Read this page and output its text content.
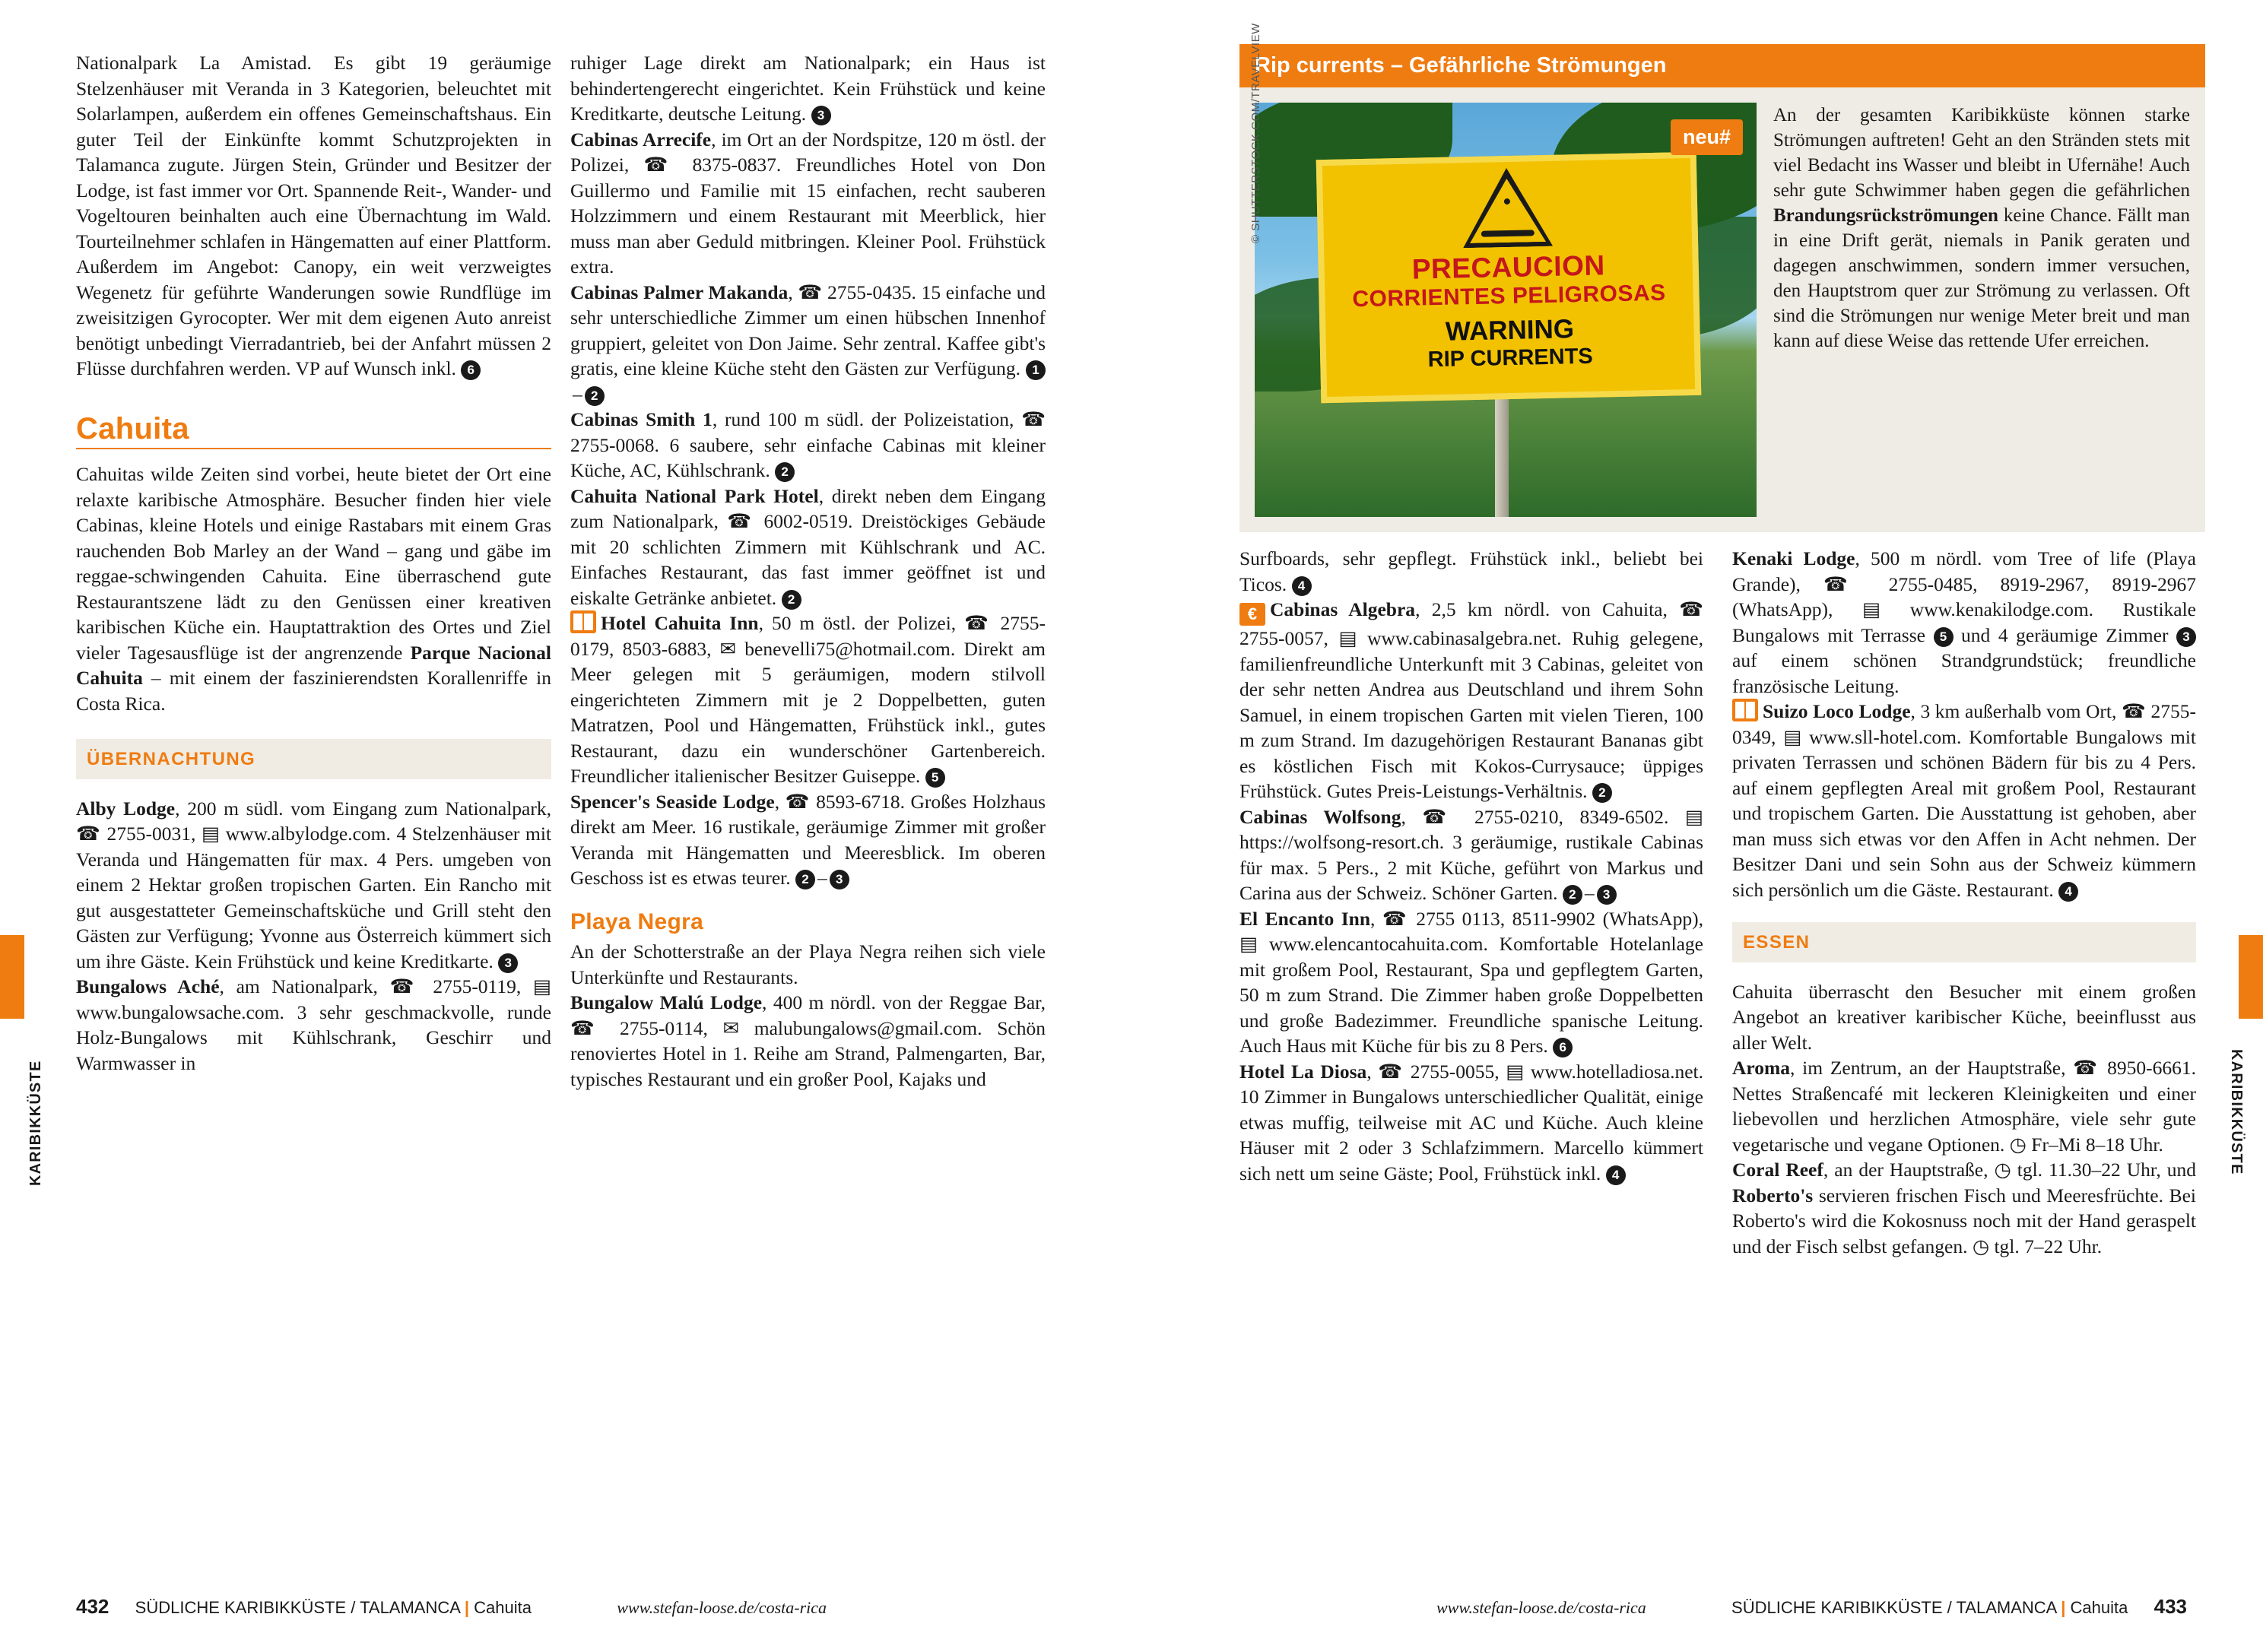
KARIBIKKÜSTE	KARIBIKKÜSTE

Nationalpark La Amistad. Es gibt 19 geräumige Stelzenhäuser mit Veranda in 3 Kategorien, beleuchtet mit Solarlampen, außerdem ein offenes Gemeinschaftshaus. Ein guter Teil der Einkünfte kommt Schutzprojekten in Talamanca zugute. Jürgen Stein, Gründer und Besitzer der Lodge, ist fast immer vor Ort. Spannende Reit-, Wander- und Vogeltouren beinhalten auch eine Übernachtung im Wald. Tourteilnehmer schlafen in Hängematten auf einer Plattform. Außerdem im Angebot: Canopy, ein weit verzweigtes Wegenetz für geführte Wanderungen sowie Rundflüge im zweisitzigen Gyrocopter. Wer mit dem eigenen Auto anreist benötigt unbedingt Vierradantrieb, bei der Anfahrt müssen 2 Flüsse durchfahren werden. VP auf Wunsch inkl. 6

Cahuita

Cahuitas wilde Zeiten sind vorbei, heute bietet der Ort eine relaxte karibische Atmosphäre. Besucher finden hier viele Cabinas, kleine Hotels und einige Rastabars mit einem Gras rauchenden Bob Marley an der Wand – gang und gäbe im reggae-schwingenden Cahuita. Eine überraschend gute Restaurantszene lädt zu den Genüssen einer kreativen karibischen Küche ein. Hauptattraktion des Ortes und Ziel vieler Tagesausflüge ist der angrenzende Parque Nacional Cahuita – mit einem der faszinierendsten Korallenriffe in Costa Rica.

ÜBERNACHTUNG

Alby Lodge, 200 m südl. vom Eingang zum Nationalpark, ☎ 2755-0031, ▤ www.albylodge.com. 4 Stelzenhäuser mit Veranda und Hängematten für max. 4 Pers. umgeben von einem 2 Hektar großen tropischen Garten. Ein Rancho mit gut ausgestatteter Gemeinschaftsküche und Grill steht den Gästen zur Verfügung; Yvonne aus Österreich kümmert sich um ihre Gäste. Kein Frühstück und keine Kreditkarte. 3

Bungalows Aché, am Nationalpark, ☎ 2755-0119, ▤ www.bungalowsache.com. 3 sehr geschmackvolle, runde Holz-Bungalows mit Kühlschrank, Geschirr und Warmwasser in

ruhiger Lage direkt am Nationalpark; ein Haus ist behindertengerecht eingerichtet. Kein Frühstück und keine Kreditkarte, deutsche Leitung. 3

Cabinas Arrecife, im Ort an der Nordspitze, 120 m östl. der Polizei, ☎ 8375-0837. Freundliches Hotel von Don Guillermo und Familie mit 15 einfachen, recht sauberen Holzzimmern und einem Restaurant mit Meerblick, hier muss man aber Geduld mitbringen. Kleiner Pool. Frühstück extra.

Cabinas Palmer Makanda, ☎ 2755-0435. 15 einfache und sehr unterschiedliche Zimmer um einen hübschen Innenhof gruppiert, geleitet von Don Jaime. Sehr zentral. Kaffee gibt's gratis, eine kleine Küche steht den Gästen zur Verfügung. 1– 2

Cabinas Smith 1, rund 100 m südl. der Polizeistation, ☎ 2755-0068. 6 saubere, sehr einfache Cabinas mit kleiner Küche, AC, Kühlschrank. 2

Cahuita National Park Hotel, direkt neben dem Eingang zum Nationalpark, ☎ 6002-0519. Dreistöckiges Gebäude mit 20 schlichten Zimmern mit Kühlschrank und AC. Einfaches Restaurant, das fast immer geöffnet ist und eiskalte Getränke anbietet. 2

Hotel Cahuita Inn, 50 m östl. der Polizei, ☎ 2755-0179, 8503-6883, ✉ benevelli75@hotmail.com. Direkt am Meer gelegen mit 5 geräumigen, modern stilvoll eingerichteten Zimmern mit je 2 Doppelbetten, guten Matratzen, Pool und Hängematten, Frühstück inkl., gutes Restaurant, dazu ein wunderschöner Gartenbereich. Freundlicher italienischer Besitzer Guiseppe. 5

Spencer's Seaside Lodge, ☎ 8593-6718. Großes Holzhaus direkt am Meer. 16 rustikale, geräumige Zimmer mit großer Veranda mit Hängematten und Meeresblick. Im oberen Geschoss ist es etwas teurer. 2 – 3

Playa Negra

An der Schotterstraße an der Playa Negra reihen sich viele Unterkünfte und Restaurants.

Bungalow Malú Lodge, 400 m nördl. von der Reggae Bar, ☎ 2755-0114, ✉ malubungalows@gmail.com. Schön renoviertes Hotel in 1. Reihe am Strand, Palmengarten, Bar, typisches Restaurant und ein großer Pool, Kajaks und

432 SÜDLICHE KARIBIKKÜSTE / TALAMANCA | Cahuita	www.stefan-loose.de/costa-rica
Rip currents – Gefährliche Strömungen
PRECAUCION
CORRIENTES PELIGROSAS
WARNING
RIP CURRENTS
neu#
An der gesamten Karibikküste können starke Strömungen auftreten! Geht an den Stränden stets mit viel Bedacht ins Wasser und bleibt in Ufernähe! Auch sehr gute Schwimmer haben gegen die gefährlichen Brandungsrückströmungen keine Chance. Fällt man in eine Drift gerät, niemals in Panik geraten und dagegen anschwimmen, sondern immer versuchen, den Hauptstrom quer zur Strömung zu verlassen. Oft sind die Strömungen nur wenige Meter breit und man kann auf diese Weise das rettende Ufer erreichen.
© SHUTTERSTOCK.COM/TRAVELVIEW

Surfboards, sehr gepflegt. Frühstück inkl., beliebt bei Ticos. 4

€ Cabinas Algebra, 2,5 km nördl. von Cahuita, ☎ 2755-0057, ▤ www.cabinasalgebra.net. Ruhig gelegene, familienfreundliche Unterkunft mit 3 Cabinas, geleitet von der sehr netten Andrea aus Deutschland und ihrem Sohn Samuel, in einem tropischen Garten mit vielen Tieren, 100 m zum Strand. Im dazugehörigen Restaurant Bananas gibt es köstlichen Fisch mit Kokos-Currysauce; üppiges Frühstück. Gutes Preis-Leistungs-Verhältnis. 2

Cabinas Wolfsong, ☎ 2755-0210, 8349-6502. ▤ https://wolfsong-resort.ch. 3 geräumige, rustikale Cabinas für max. 5 Pers., 2 mit Küche, geführt von Markus und Carina aus der Schweiz. Schöner Garten. 2 – 3

El Encanto Inn, ☎ 2755 0113, 8511-9902 (WhatsApp), ▤ www.elencantocahuita.com. Komfortable Hotelanlage mit großem Pool, Restaurant, Spa und gepflegtem Garten, 50 m zum Strand. Die Zimmer haben große Doppelbetten und große Badezimmer. Freundliche spanische Leitung. Auch Haus mit Küche für bis zu 8 Pers. 6

Hotel La Diosa, ☎ 2755-0055, ▤ www.hotelladiosa.net. 10 Zimmer in Bungalows unterschiedlicher Qualität, einige etwas muffig, teilweise mit AC und Küche. Auch kleine Häuser mit 2 oder 3 Schlafzimmern. Marcello kümmert sich nett um seine Gäste; Pool, Frühstück inkl. 4

Kenaki Lodge, 500 m nördl. vom Tree of life (Playa Grande), ☎ 2755-0485, 8919-2967, 8919-2967 (WhatsApp), ▤ www.kenakilodge.com. Rustikale Bungalows mit Terrasse 5 und 4 geräumige Zimmer 3 auf einem schönen Strandgrundstück; freundliche französische Leitung.

Suizo Loco Lodge, 3 km außerhalb vom Ort, ☎ 2755-0349, ▤ www.sll-hotel.com. Komfortable Bungalows mit privaten Terrassen und schönen Bädern für bis zu 4 Pers. auf einem gepflegten Areal mit großem Pool, Restaurant und tropischem Garten. Die Ausstattung ist gehoben, aber man muss sich etwas vor den Affen in Acht nehmen. Der Besitzer Dani und sein Sohn aus der Schweiz kümmern sich persönlich um die Gäste. Restaurant. 4

ESSEN

Cahuita überrascht den Besucher mit einem großen Angebot an kreativer karibischer Küche, beeinflusst aus aller Welt.

Aroma, im Zentrum, an der Hauptstraße, ☎ 8950-6661. Nettes Straßencafé mit leckeren Kleinigkeiten und einer liebevollen und herzlichen Atmosphäre, viele sehr gute vegetarische und vegane Optionen. ◷ Fr–Mi 8–18 Uhr.

Coral Reef, an der Hauptstraße, ◷ tgl. 11.30–22 Uhr, und Roberto's servieren frischen Fisch und Meeresfrüchte. Bei Roberto's wird die Kokosnuss noch mit der Hand geraspelt und der Fisch selbst gefangen. ◷ tgl. 7–22 Uhr.

www.stefan-loose.de/costa-rica	SÜDLICHE KARIBIKKÜSTE / TALAMANCA | Cahuita 433
